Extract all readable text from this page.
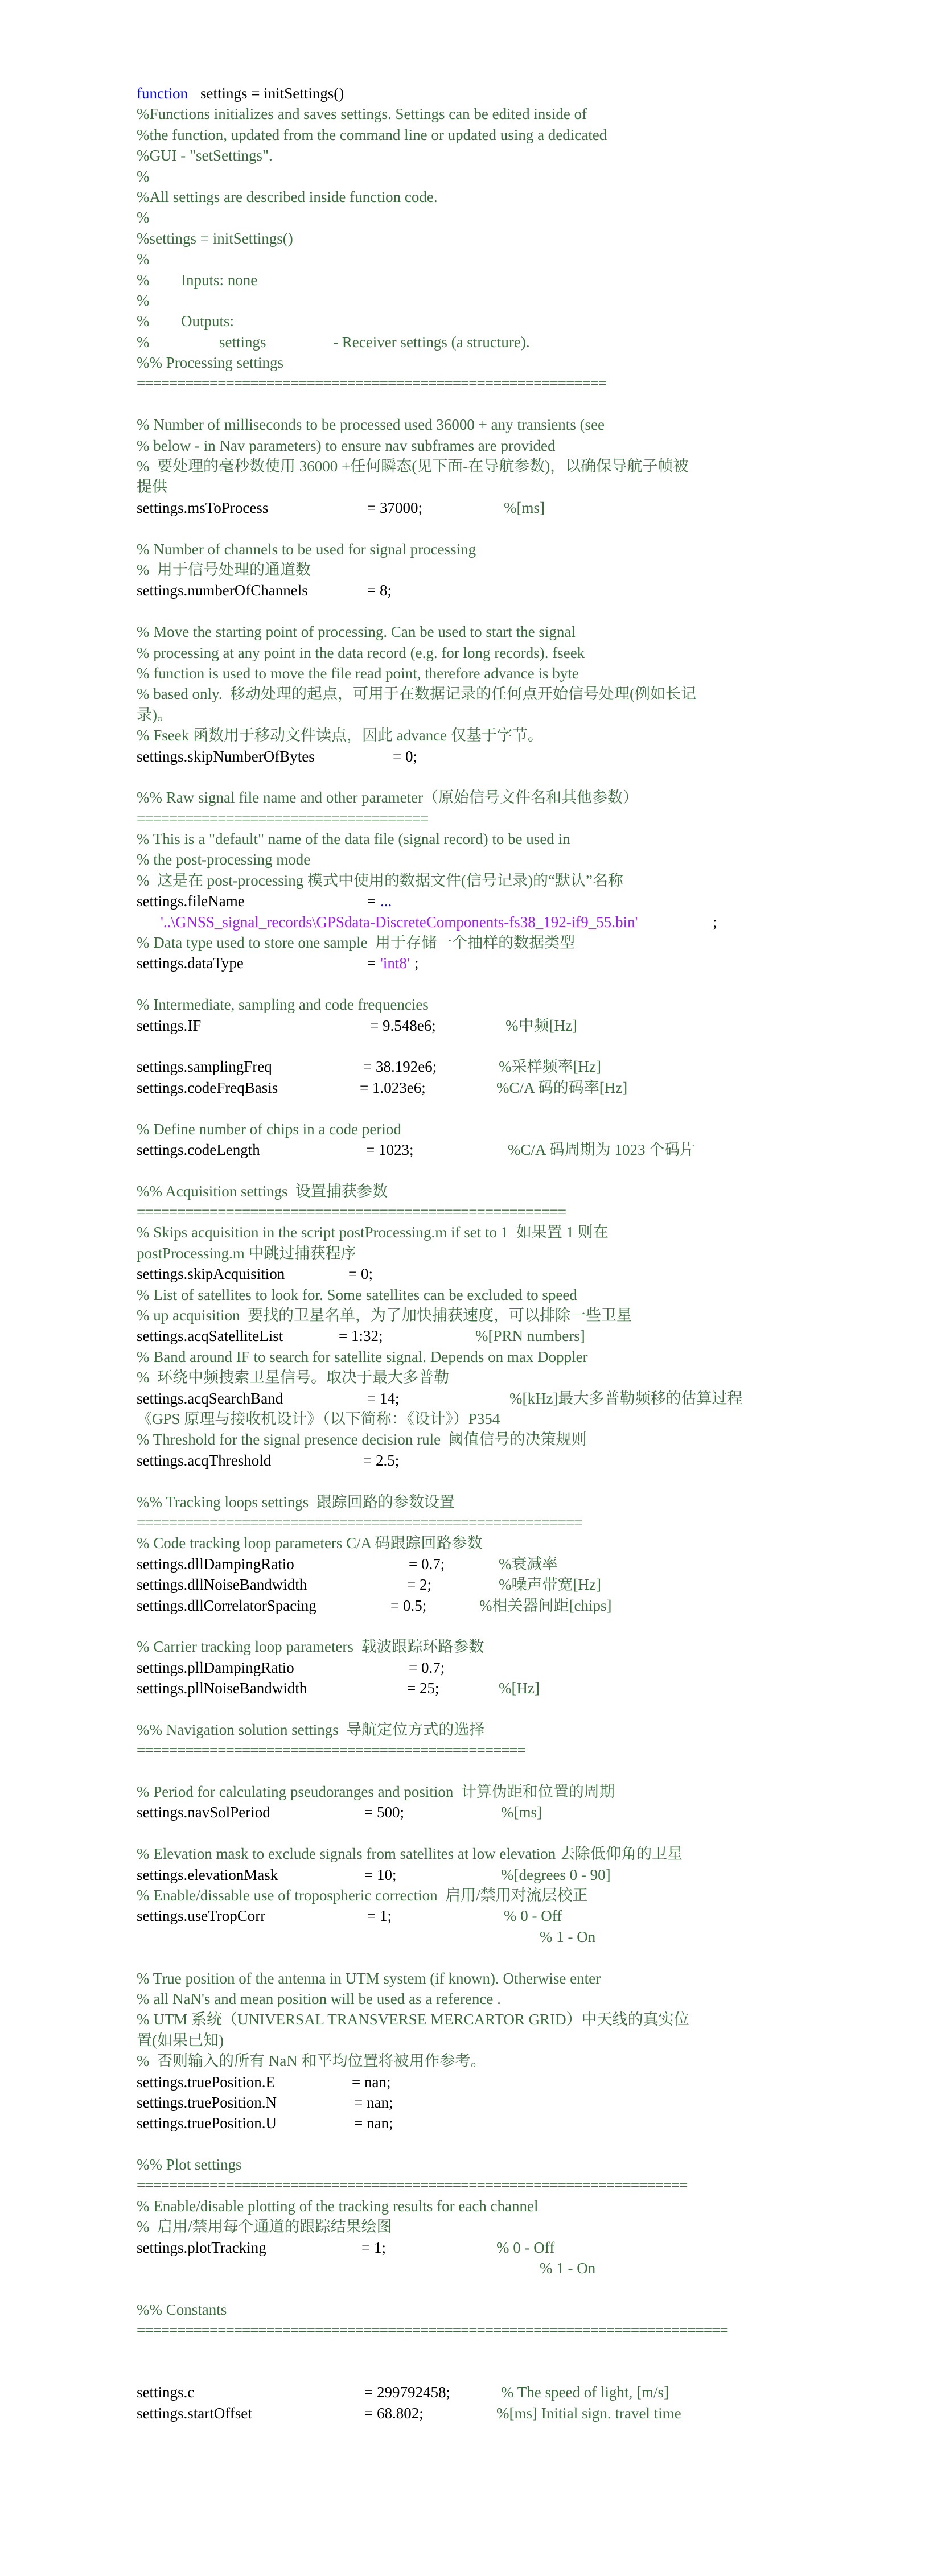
function settings = initSettings()
%Functions initializes and saves settings. Settings can be edited inside of
%the function, updated from the command line or updated using a dedicated
%GUI - "setSettings".
%
%All settings are described inside function code.
%
%settings = initSettings()
%
% Inputs: none
%
% Outputs:
%	settings	- Receiver settings (a structure).
%% Processing settings
==========================================================
% Number of milliseconds to be processed used 36000 + any transients (see
% below - in Nav parameters) to ensure nav subframes are provided
%  要处理的毫秒数使用 36000 +任何瞬态(见下面-在导航参数)，以确保导航子帧被
提供
settings.msToProcess	= 37000;	%[ms]
% Number of channels to be used for signal processing
%  用于信号处理的通道数
settings.numberOfChannels	= 8;
% Move the starting point of processing. Can be used to start the signal
% processing at any point in the data record (e.g. for long records). fseek
% function is used to move the file read point, therefore advance is byte
% based only.  移动处理的起点，可用于在数据记录的任何点开始信号处理(例如长记
录)。
% Fseek 函数用于移动文件读点，因此 advance 仅基于字节。
settings.skipNumberOfBytes	= 0;
%% Raw signal file name and other parameter（原始信号文件名和其他参数）
====================================
% This is a "default" name of the data file (signal record) to be used in
% the post-processing mode
%  这是在 post-processing 模式中使用的数据文件(信号记录)的“默认”名称
settings.fileName	= ...
'..\GNSS_signal_records\GPSdata-DiscreteComponents-fs38_192-if9_55.bin'	;
% Data type used to store one sample  用于存储一个抽样的数据类型
settings.dataType	= 'int8' ;
% Intermediate, sampling and code frequencies
settings.IF	= 9.548e6;	%中频[Hz]
settings.samplingFreq	= 38.192e6;	%采样频率[Hz]
settings.codeFreqBasis	= 1.023e6;	%C/A 码的码率[Hz]
% Define number of chips in a code period
settings.codeLength	= 1023;	%C/A 码周期为 1023 个码片
%% Acquisition settings  设置捕获参数
=====================================================
% Skips acquisition in the script postProcessing.m if set to 1  如果置 1 则在
postProcessing.m 中跳过捕获程序
settings.skipAcquisition	= 0;
% List of satellites to look for. Some satellites can be excluded to speed
% up acquisition  要找的卫星名单，为了加快捕获速度，可以排除一些卫星
settings.acqSatelliteList	= 1:32;	%[PRN numbers]
% Band around IF to search for satellite signal. Depends on max Doppler
%  环绕中频搜索卫星信号。取决于最大多普勒
settings.acqSearchBand	= 14;	%[kHz]最大多普勒频移的估算过程
《GPS 原理与接收机设计》（以下简称：《设计》）P354
% Threshold for the signal presence decision rule  阈值信号的决策规则
settings.acqThreshold	= 2.5;
%% Tracking loops settings  跟踪回路的参数设置
=======================================================
% Code tracking loop parameters C/A 码跟踪回路参数
settings.dllDampingRatio	= 0.7;	%衰减率
settings.dllNoiseBandwidth	= 2;	%噪声带宽[Hz]
settings.dllCorrelatorSpacing	= 0.5;	%相关器间距[chips]
% Carrier tracking loop parameters  载波跟踪环路参数
settings.pllDampingRatio	= 0.7;
settings.pllNoiseBandwidth	= 25;	%[Hz]
%% Navigation solution settings  导航定位方式的选择
================================================
% Period for calculating pseudoranges and position  计算伪距和位置的周期
settings.navSolPeriod	= 500;	%[ms]
% Elevation mask to exclude signals from satellites at low elevation 去除低仰角的卫星
settings.elevationMask	= 10;	%[degrees 0 - 90]
% Enable/dissable use of tropospheric correction  启用/禁用对流层校正
settings.useTropCorr	= 1;	% 0 - Off
% 1 - On
% True position of the antenna in UTM system (if known). Otherwise enter
% all NaN's and mean position will be used as a reference .
% UTM 系统（UNIVERSAL TRANSVERSE MERCARTOR GRID）中天线的真实位
置(如果已知)
%  否则输入的所有 NaN 和平均位置将被用作参考。
settings.truePosition.E	= nan;
settings.truePosition.N	= nan;
settings.truePosition.U	= nan;
%% Plot settings
====================================================================
% Enable/disable plotting of the tracking results for each channel
%  启用/禁用每个通道的跟踪结果绘图
settings.plotTracking	= 1;	% 0 - Off
% 1 - On
%% Constants
=========================================================================
settings.c	= 299792458;	% The speed of light, [m/s]
settings.startOffset	= 68.802;	%[ms] Initial sign. travel time
